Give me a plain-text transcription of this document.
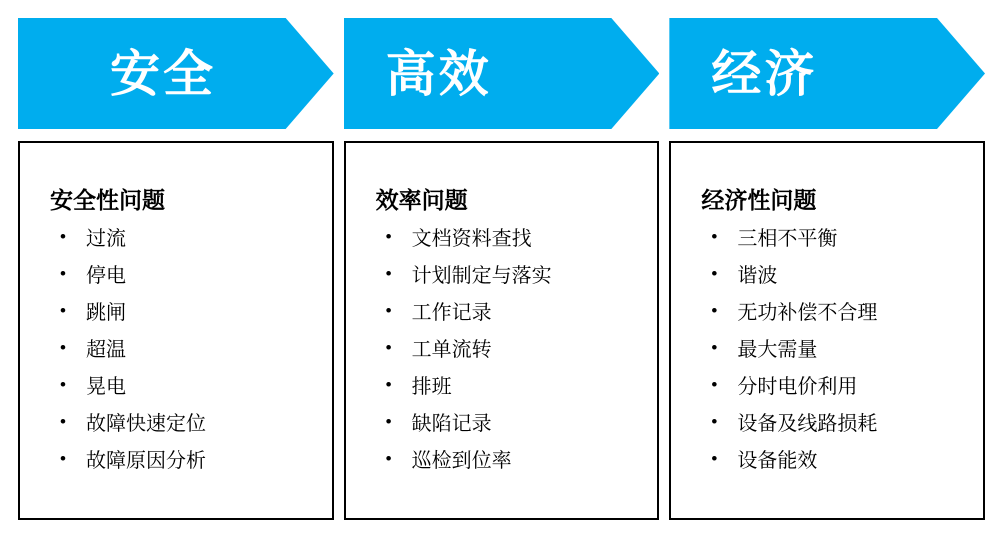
安全
安全性问题
• 过流
• 停电
• 跳闸
• 超温
• 晃电
• 故障快速定位
• 故障原因分析
高效
效率问题
• 文档资料查找
• 计划制定与落实
• 工作记录
• 工单流转
• 排班
• 缺陷记录
• 巡检到位率
经济
经济性问题
• 三相不平衡
• 谐波
• 无功补偿不合理
• 最大需量
• 分时电价利用
• 设备及线路损耗
• 设备能效
